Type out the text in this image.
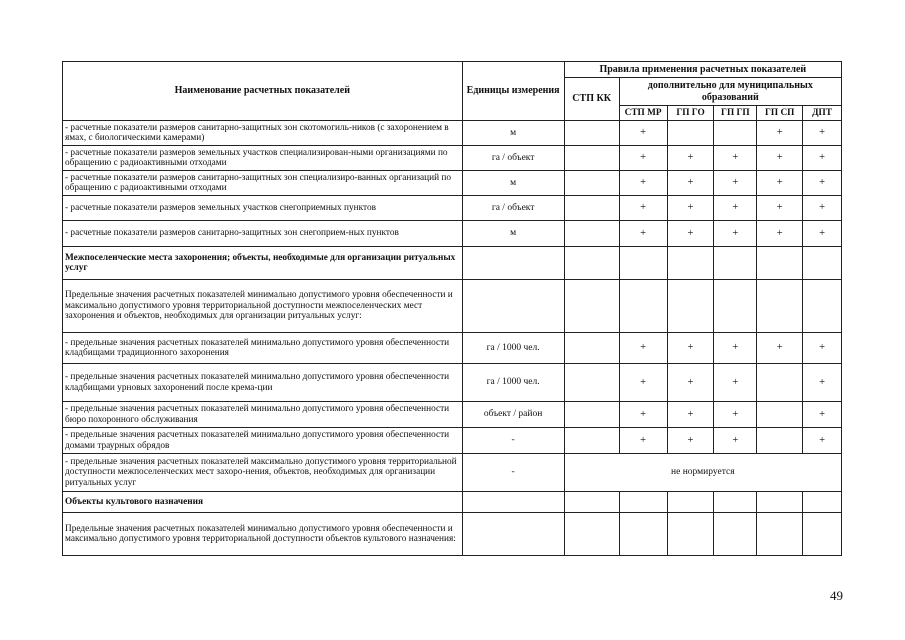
Наименование расчетных показателей	Единицы измерения	Правила применения расчетных показателей					
		СТП КК	дополнительно для муниципальных образований				
			СТП МР	ГП ГО	ГП ГП	ГП СП	ДПТ
- расчетные показатели размеров санитарно-защитных зон скотомогиль-ников (с захоронением в ямах, с биологическими камерами)	м		+			+	+
- расчетные показатели размеров земельных участков специализирован-ными организациями по обращению с радиоактивными отходами	га / объект		+	+	+	+	+
- расчетные показатели размеров санитарно-защитных зон специализиро-ванных организаций по обращению с радиоактивными отходами	м		+	+	+	+	+
- расчетные показатели размеров земельных участков снегоприемных пунктов	га / объект		+	+	+	+	+
- расчетные показатели размеров санитарно-защитных зон снегоприем-ных пунктов	м		+	+	+	+	+
Межпоселенческие места захоронения; объекты, необходимые для организации ритуальных услуг							
Предельные значения расчетных показателей минимально допустимого уровня обеспеченности и максимально допустимого уровня территориальной доступности межпоселенческих мест захоронения и объектов, необходимых для организации ритуальных услуг:							
- предельные значения расчетных показателей минимально допустимого уровня обеспеченности кладбищами традиционного захоронения	га / 1000 чел.		+	+	+	+	+
- предельные значения расчетных показателей минимально допустимого уровня обеспеченности кладбищами урновых захоронений после крема-ции	га / 1000 чел.		+	+	+		+
- предельные значения расчетных показателей минимально допустимого уровня обеспеченности бюро похоронного обслуживания	объект / район		+	+	+		+
- предельные значения расчетных показателей минимально допустимого уровня обеспеченности домами траурных обрядов	-		+	+	+		+
- предельные значения расчетных показателей максимально допустимого уровня территориальной доступности межпоселенческих мест захоро-нения, объектов, необходимых для организации ритуальных услуг	-	не нормируется					
Объекты культового назначения							
Предельные значения расчетных показателей минимально допустимого уровня обеспеченности и максимально допустимого уровня территориальной доступности объектов культового назначения:							
49
